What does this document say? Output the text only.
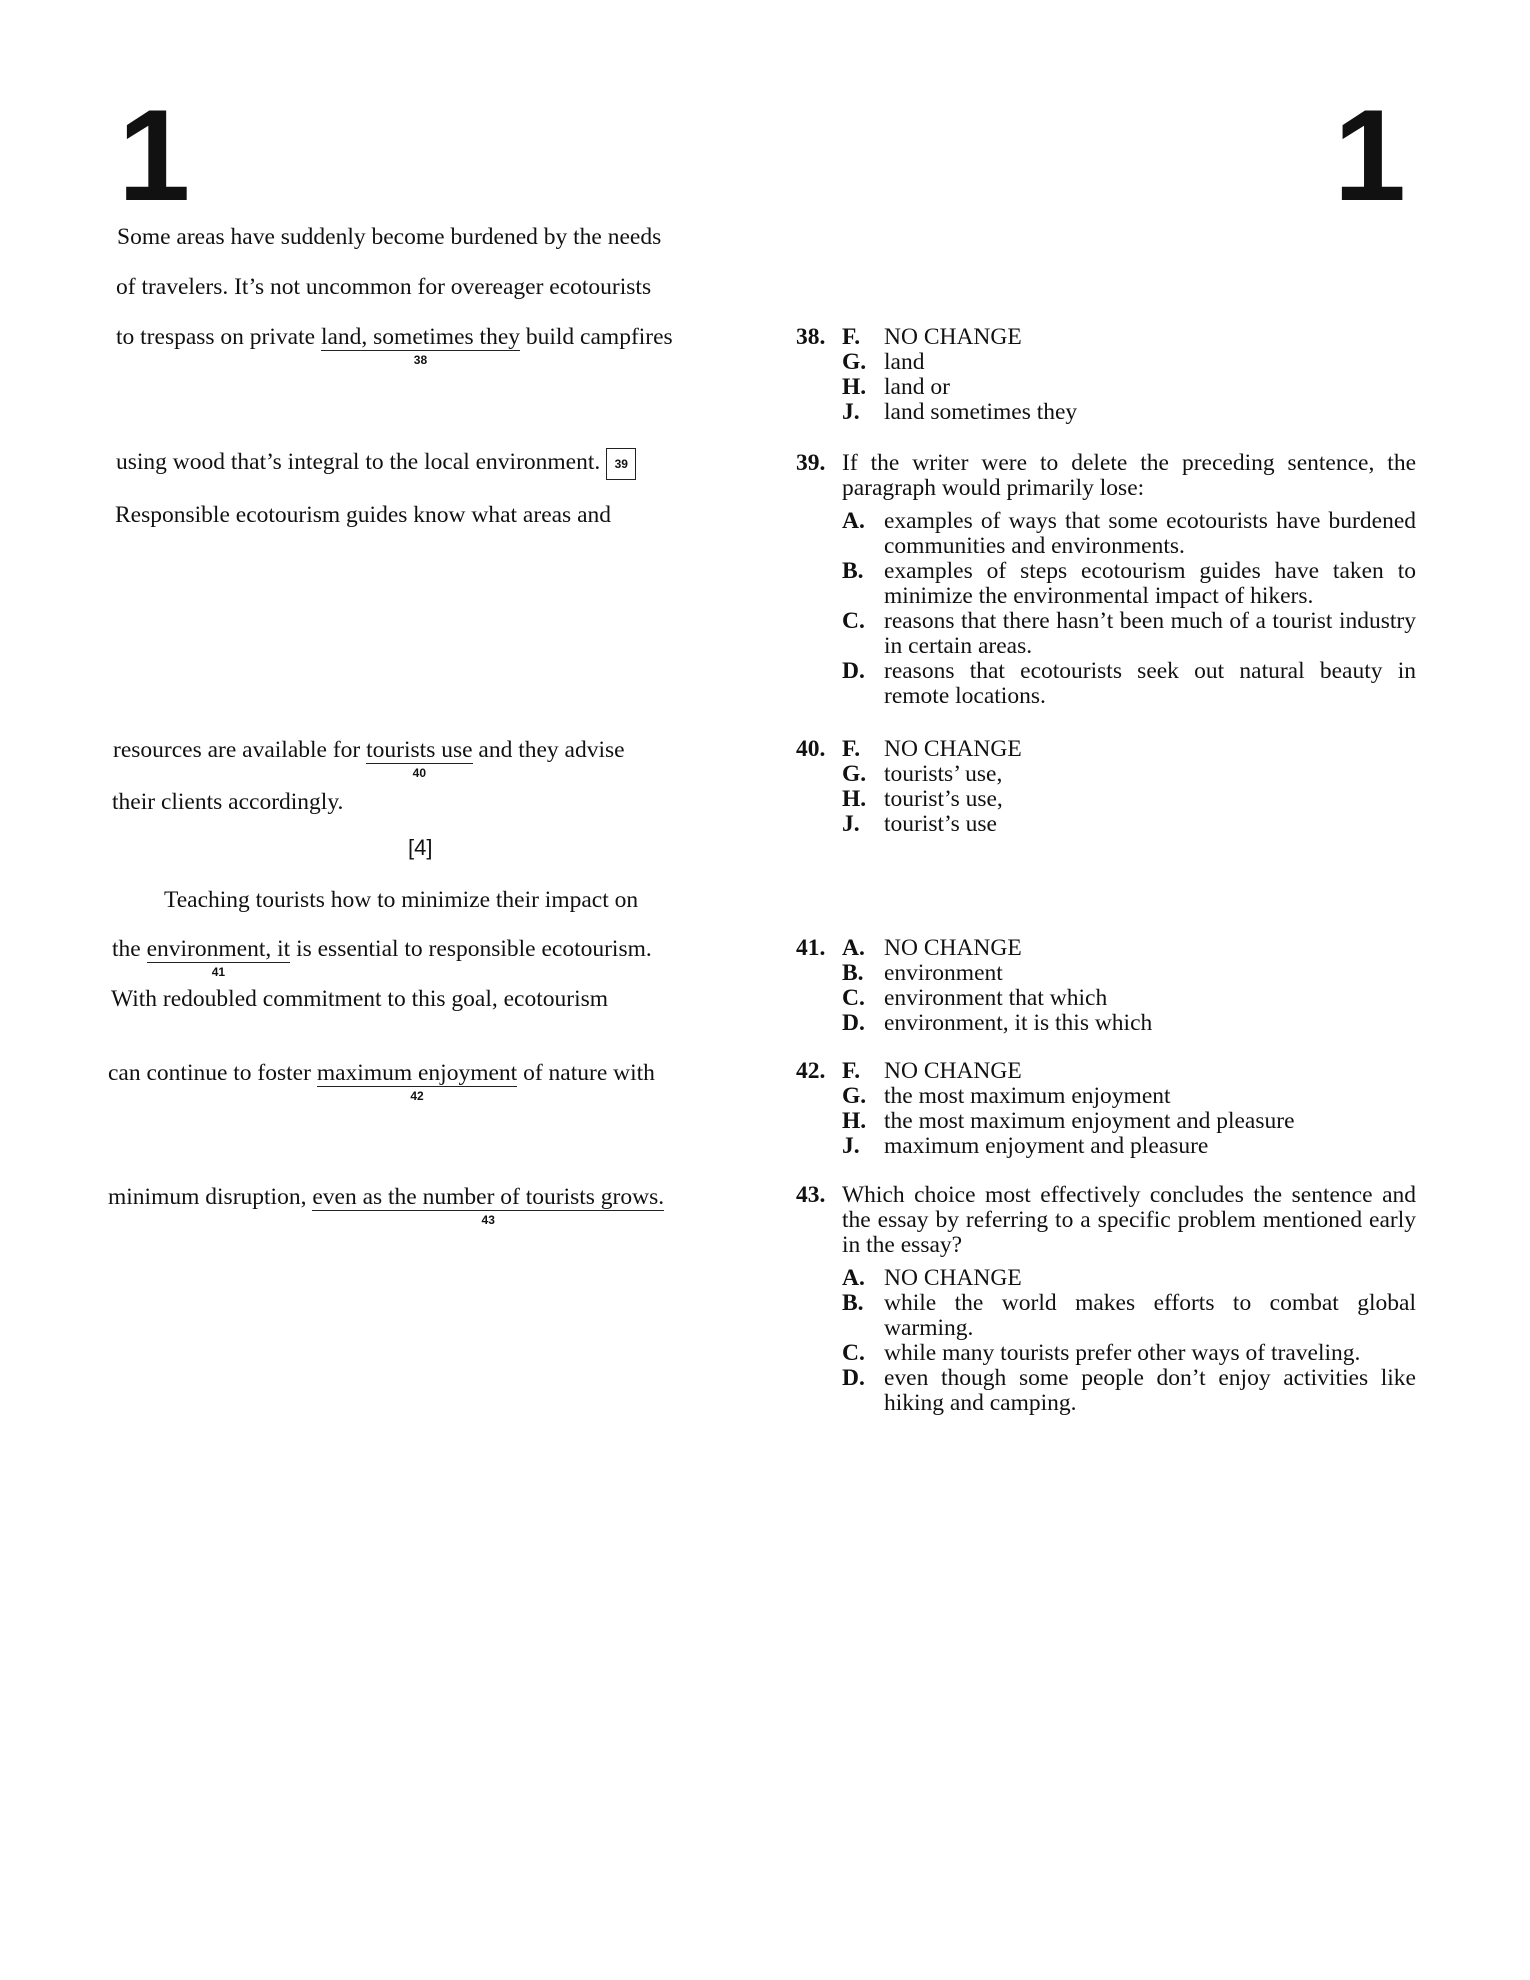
1	1
Some areas have suddenly become burdened by the needs
of travelers. It’s not uncommon for overeager ecotourists
to trespass on private land, sometimes they
38
build campfires
using wood that’s integral to the local environment. 39
Responsible ecotourism guides know what areas and
resources are available for tourists use
40
and they advise
their clients accordingly.
[4]
Teaching tourists how to minimize their impact on
the environment, it
41
is essential to responsible ecotourism.
With redoubled commitment to this goal, ecotourism
can continue to foster maximum enjoyment
42
of nature with
minimum disruption, even as the number of tourists grows.
43
38. F. NO CHANGE
G. land
H. land or
J. land sometimes they
39. If the writer were to delete the preceding sentence, the paragraph would primarily lose:
A. examples of ways that some ecotourists have burdened communities and environments.
B. examples of steps ecotourism guides have taken to minimize the environmental impact of hikers.
C. reasons that there hasn’t been much of a tourist industry in certain areas.
D. reasons that ecotourists seek out natural beauty in remote locations.
40. F. NO CHANGE
G. tourists’ use,
H. tourist’s use,
J. tourist’s use
41. A. NO CHANGE
B. environment
C. environment that which
D. environment, it is this which
42. F. NO CHANGE
G. the most maximum enjoyment
H. the most maximum enjoyment and pleasure
J. maximum enjoyment and pleasure
43. Which choice most effectively concludes the sentence and the essay by referring to a specific problem mentioned early in the essay?
A. NO CHANGE
B. while the world makes efforts to combat global warming.
C. while many tourists prefer other ways of traveling.
D. even though some people don’t enjoy activities like hiking and camping.
